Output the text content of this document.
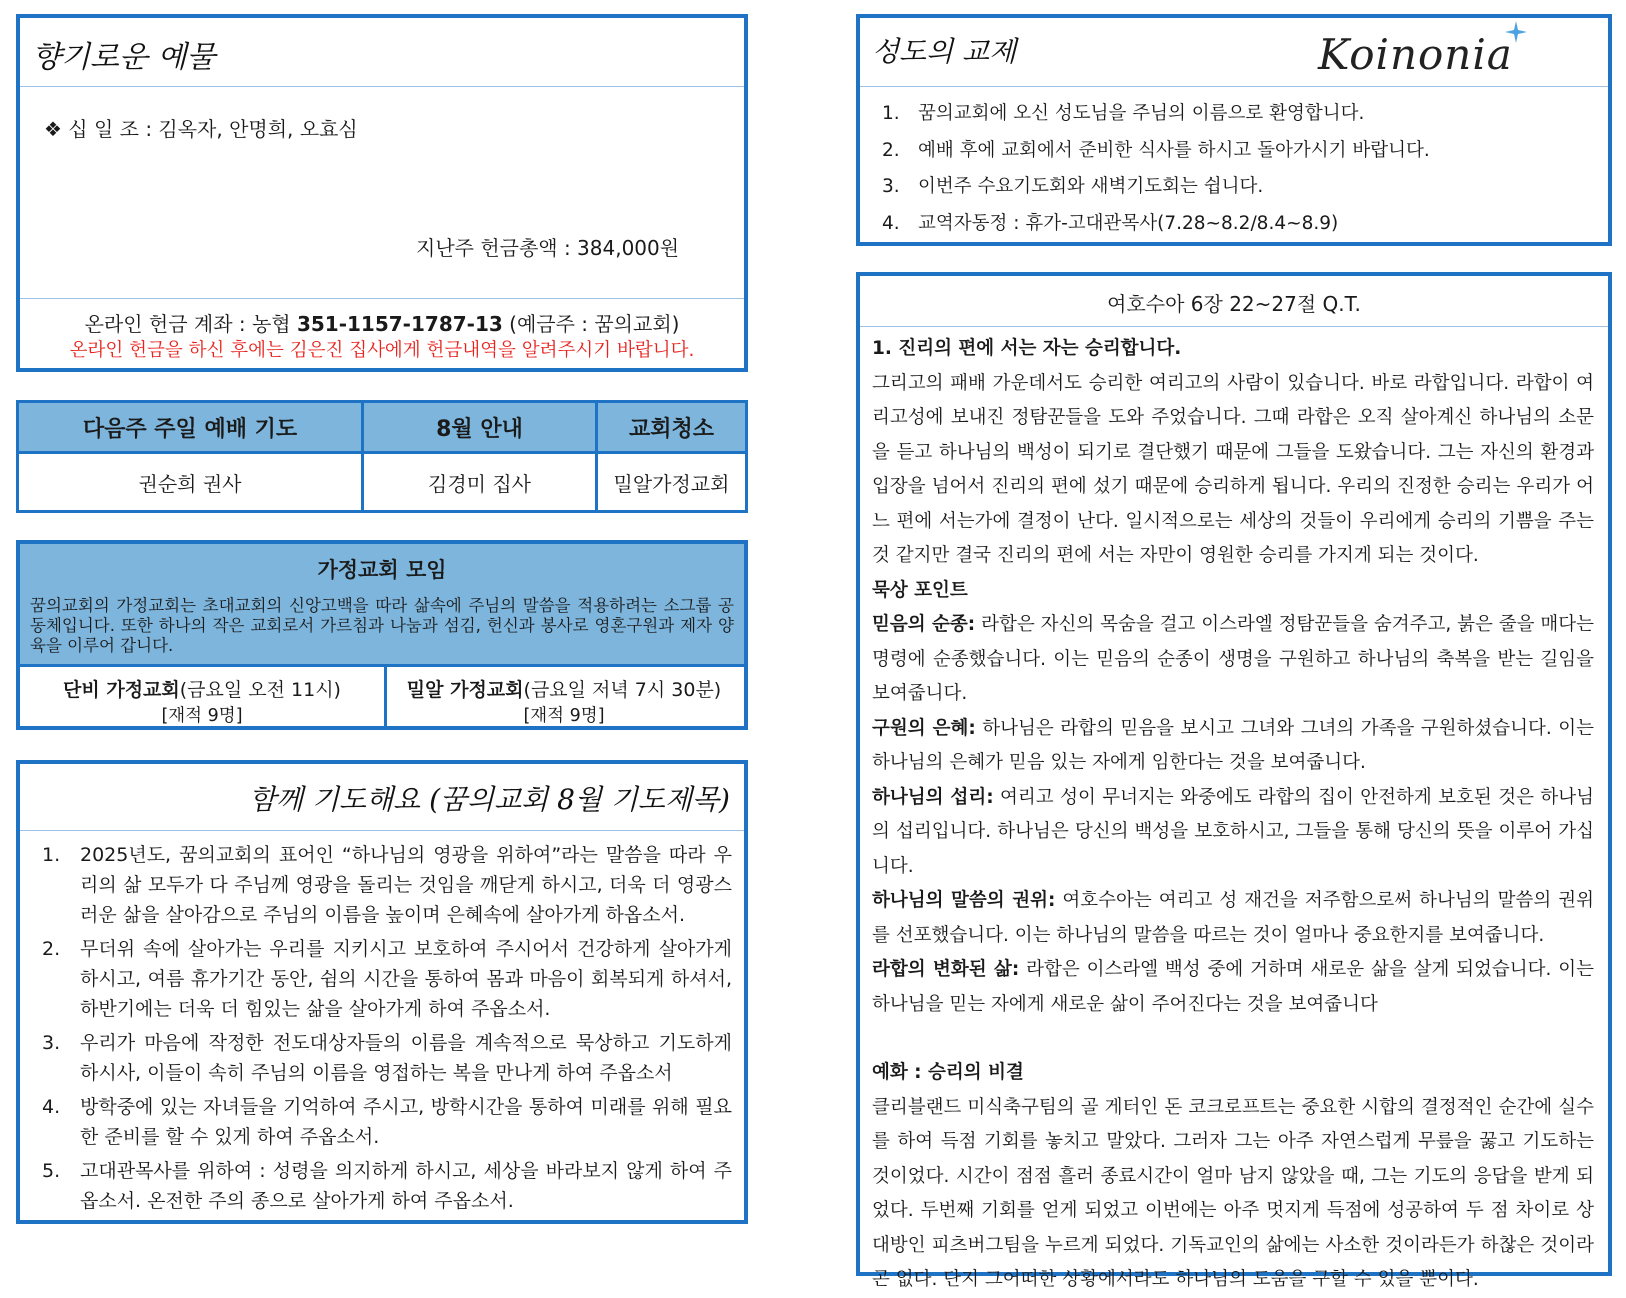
향기로운 예물
❖ 십 일 조 : 김옥자, 안명희, 오효심
지난주 헌금총액 : 384,000원
온라인 헌금 계좌 : 농협 351-1157-1787-13 (예금주 : 꿈의교회)
온라인 헌금을 하신 후에는 김은진 집사에게 헌금내역을 알려주시기 바랍니다.
다음주 주일 예배 기도	8월 안내	교회청소
권순희 권사	김경미 집사	밀알가정교회
가정교회 모임
꿈의교회의 가정교회는 초대교회의 신앙고백을 따라 삶속에 주님의 말씀을 적용하려는 소그룹 공동체입니다. 또한 하나의 작은 교회로서 가르침과 나눔과 섬김, 헌신과 봉사로 영혼구원과 제자 양육을 이루어 갑니다.
단비 가정교회(금요일 오전 11시)
[재적 9명]
밀알 가정교회(금요일 저녁 7시 30분)
[재적 9명]
함께 기도해요 (꿈의교회 8월 기도제목)
1.	2025년도, 꿈의교회의 표어인 “하나님의 영광을 위하여”라는 말씀을 따라 우리의 삶 모두가 다 주님께 영광을 돌리는 것임을 깨닫게 하시고, 더욱 더 영광스러운 삶을 살아감으로 주님의 이름을 높이며 은혜속에 살아가게 하옵소서.
2.	무더위 속에 살아가는 우리를 지키시고 보호하여 주시어서 건강하게 살아가게 하시고, 여름 휴가기간 동안, 쉼의 시간을 통하여 몸과 마음이 회복되게 하셔서, 하반기에는 더욱 더 힘있는 삶을 살아가게 하여 주옵소서.
3.	우리가 마음에 작정한 전도대상자들의 이름을 계속적으로 묵상하고 기도하게 하시사, 이들이 속히 주님의 이름을 영접하는 복을 만나게 하여 주옵소서
4.	방학중에 있는 자녀들을 기억하여 주시고, 방학시간을 통하여 미래를 위해 필요한 준비를 할 수 있게 하여 주옵소서.
5.	고대관목사를 위하여 : 성령을 의지하게 하시고, 세상을 바라보지 않게 하여 주옵소서. 온전한 주의 종으로 살아가게 하여 주옵소서.
성도의 교제	Koinonia
1. 꿈의교회에 오신 성도님을 주님의 이름으로 환영합니다.
2. 예배 후에 교회에서 준비한 식사를 하시고 돌아가시기 바랍니다.
3. 이번주 수요기도회와 새벽기도회는 쉽니다.
4. 교역자동정 : 휴가-고대관목사(7.28~8.2/8.4~8.9)
여호수아 6장 22~27절 Q.T.
1. 진리의 편에 서는 자는 승리합니다.
그리고의 패배 가운데서도 승리한 여리고의 사람이 있습니다. 바로 라합입니다. 라합이 여리고성에 보내진 정탐꾼들을 도와 주었습니다. 그때 라합은 오직 살아계신 하나님의 소문을 듣고 하나님의 백성이 되기로 결단했기 때문에 그들을 도왔습니다. 그는 자신의 환경과 입장을 넘어서 진리의 편에 섰기 때문에 승리하게 됩니다. 우리의 진정한 승리는 우리가 어느 편에 서는가에 결정이 난다. 일시적으로는 세상의 것들이 우리에게 승리의 기쁨을 주는 것 같지만 결국 진리의 편에 서는 자만이 영원한 승리를 가지게 되는 것이다.
묵상 포인트
믿음의 순종: 라합은 자신의 목숨을 걸고 이스라엘 정탐꾼들을 숨겨주고, 붉은 줄을 매다는 명령에 순종했습니다. 이는 믿음의 순종이 생명을 구원하고 하나님의 축복을 받는 길임을 보여줍니다.
구원의 은혜: 하나님은 라합의 믿음을 보시고 그녀와 그녀의 가족을 구원하셨습니다. 이는 하나님의 은혜가 믿음 있는 자에게 임한다는 것을 보여줍니다.
하나님의 섭리: 여리고 성이 무너지는 와중에도 라합의 집이 안전하게 보호된 것은 하나님의 섭리입니다. 하나님은 당신의 백성을 보호하시고, 그들을 통해 당신의 뜻을 이루어 가십니다.
하나님의 말씀의 권위: 여호수아는 여리고 성 재건을 저주함으로써 하나님의 말씀의 권위를 선포했습니다. 이는 하나님의 말씀을 따르는 것이 얼마나 중요한지를 보여줍니다.
라합의 변화된 삶: 라합은 이스라엘 백성 중에 거하며 새로운 삶을 살게 되었습니다. 이는 하나님을 믿는 자에게 새로운 삶이 주어진다는 것을 보여줍니다
예화 : 승리의 비결
클리블랜드 미식축구팀의 골 게터인 돈 코크로프트는 중요한 시합의 결정적인 순간에 실수를 하여 득점 기회를 놓치고 말았다. 그러자 그는 아주 자연스럽게 무릎을 꿇고 기도하는 것이었다. 시간이 점점 흘러 종료시간이 얼마 남지 않았을 때, 그는 기도의 응답을 받게 되었다. 두번째 기회를 얻게 되었고 이번에는 아주 멋지게 득점에 성공하여 두 점 차이로 상대방인 피츠버그팀을 누르게 되었다. 기독교인의 삶에는 사소한 것이라든가 하찮은 것이라곤 없다. 단지 그어떠한 상황에서라도 하나님의 도움을 구할 수 있을 뿐이다.
